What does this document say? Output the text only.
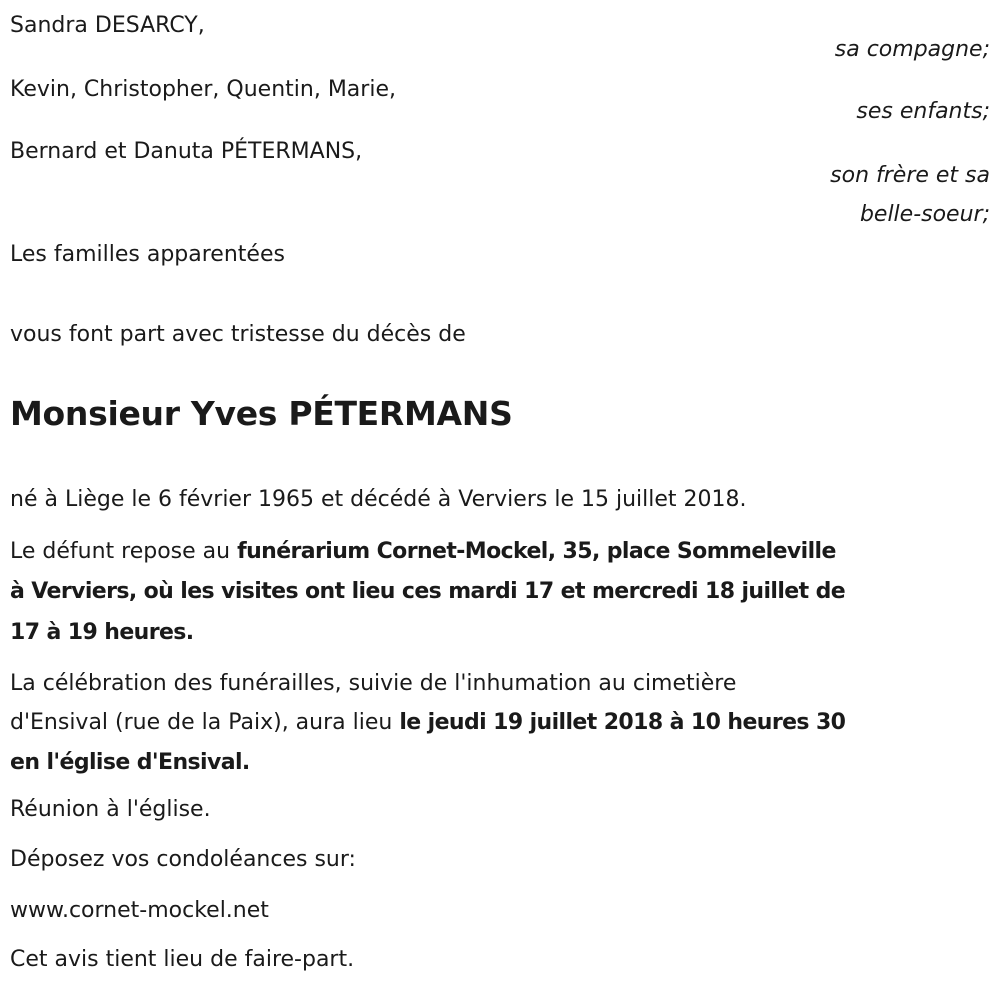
Sandra DESARCY,
sa compagne;
Kevin, Christopher, Quentin, Marie,
ses enfants;
Bernard et Danuta PÉTERMANS,
son frère et sa
belle-soeur;
Les familles apparentées
vous font part avec tristesse du décès de
Monsieur Yves PÉTERMANS
né à Liège le 6 février 1965 et décédé à Verviers le 15 juillet 2018.
Le défunt repose au funérarium Cornet-Mockel, 35, place Sommeleville
à Verviers, où les visites ont lieu ces mardi 17 et mercredi 18 juillet de
17 à 19 heures.
La célébration des funérailles, suivie de l'inhumation au cimetière
d'Ensival (rue de la Paix), aura lieu le jeudi 19 juillet 2018 à 10 heures 30
en l'église d'Ensival.
Réunion à l'église.
Déposez vos condoléances sur:
www.cornet-mockel.net
Cet avis tient lieu de faire-part.
